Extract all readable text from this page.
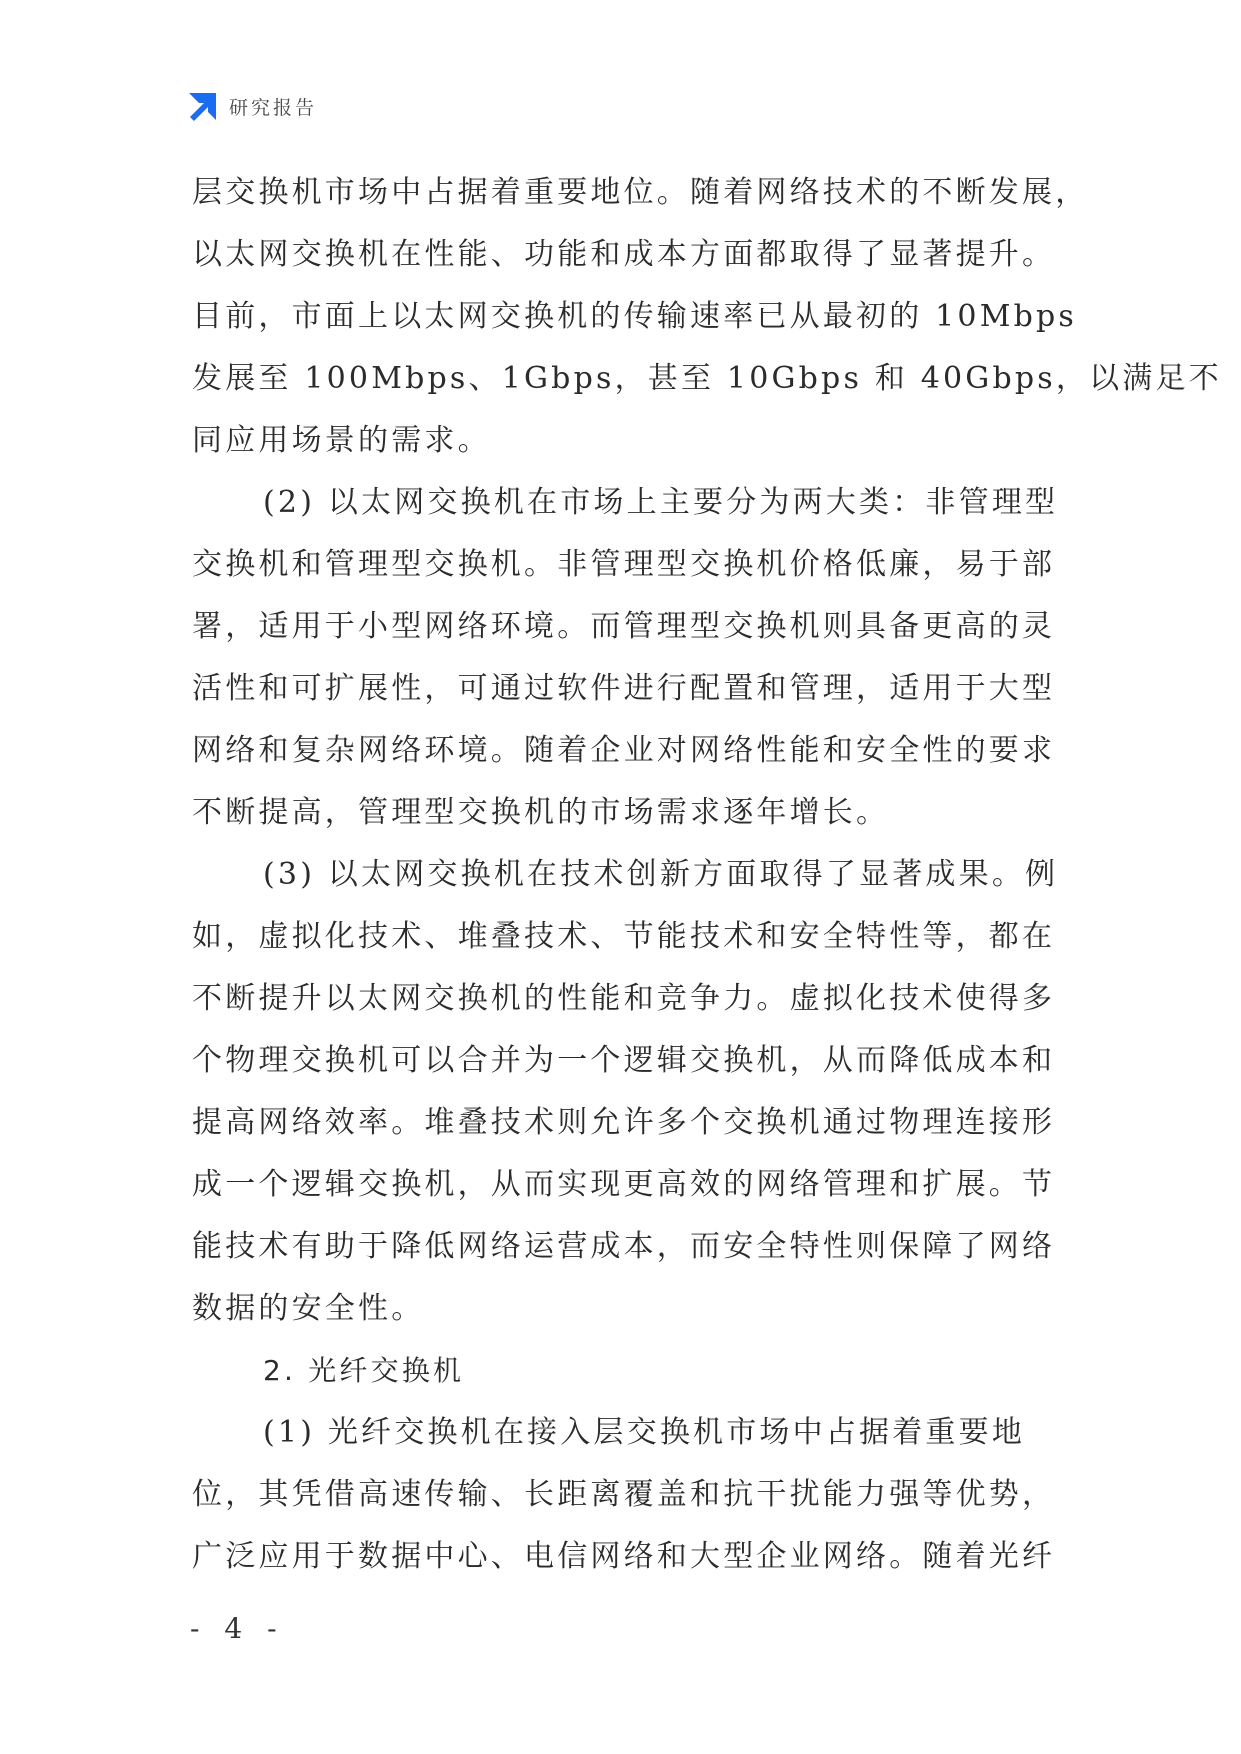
研究报告
层交换机市场中占据着重要地位。随着网络技术的不断发展，
以太网交换机在性能、功能和成本方面都取得了显著提升。
目前，市面上以太网交换机的传输速率已从最初的 10Mbps
发展至 100Mbps、1Gbps，甚至 10Gbps 和 40Gbps，以满足不
同应用场景的需求。
(2) 以太网交换机在市场上主要分为两大类：非管理型
交换机和管理型交换机。非管理型交换机价格低廉，易于部
署，适用于小型网络环境。而管理型交换机则具备更高的灵
活性和可扩展性，可通过软件进行配置和管理，适用于大型
网络和复杂网络环境。随着企业对网络性能和安全性的要求
不断提高，管理型交换机的市场需求逐年增长。
(3) 以太网交换机在技术创新方面取得了显著成果。例
如，虚拟化技术、堆叠技术、节能技术和安全特性等，都在
不断提升以太网交换机的性能和竞争力。虚拟化技术使得多
个物理交换机可以合并为一个逻辑交换机，从而降低成本和
提高网络效率。堆叠技术则允许多个交换机通过物理连接形
成一个逻辑交换机，从而实现更高效的网络管理和扩展。节
能技术有助于降低网络运营成本，而安全特性则保障了网络
数据的安全性。
2. 光纤交换机
(1) 光纤交换机在接入层交换机市场中占据着重要地
位，其凭借高速传输、长距离覆盖和抗干扰能力强等优势，
广泛应用于数据中心、电信网络和大型企业网络。随着光纤
- 4 -
